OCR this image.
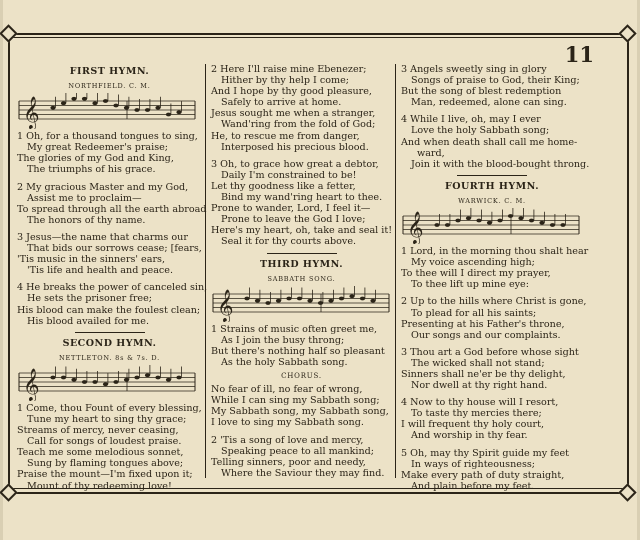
11
FIRST HYMN.
NORTHFIELD. C. M.
𝄞
1 Oh, for a thousand tongues to sing,
My great Redeemer's praise;
The glories of my God and King,
The triumphs of his grace.
2 My gracious Master and my God,
Assist me to proclaim—
To spread through all the earth abroad
The honors of thy name.
3 Jesus—the name that charms our
That bids our sorrows cease; [fears,
'Tis music in the sinners' ears,
'Tis life and health and peace.
4 He breaks the power of canceled sin,
He sets the prisoner free;
His blood can make the foulest clean;
His blood availed for me.
SECOND HYMN.
NETTLETON. 8s & 7s. D.
𝄞
1 Come, thou Fount of every blessing,
Tune my heart to sing thy grace;
Streams of mercy, never ceasing,
Call for songs of loudest praise.
Teach me some melodious sonnet,
Sung by flaming tongues above;
Praise the mount—I'm fixed upon it;
Mount of thy redeeming love!
2 Here I'll raise mine Ebenezer;
Hither by thy help I come;
And I hope by thy good pleasure,
Safely to arrive at home.
Jesus sought me when a stranger,
Wand'ring from the fold of God;
He, to rescue me from danger,
Interposed his precious blood.
3 Oh, to grace how great a debtor,
Daily I'm constrained to be!
Let thy goodness like a fetter,
Bind my wand'ring heart to thee.
Prone to wander, Lord, I feel it—
Prone to leave the God I love;
Here's my heart, oh, take and seal it!
Seal it for thy courts above.
THIRD HYMN.
SABBATH SONG.
𝄞
1 Strains of music often greet me,
As I join the busy throng;
But there's nothing half so pleasant
As the holy Sabbath song.
CHORUS.
No fear of ill, no fear of wrong,
While I can sing my Sabbath song;
My Sabbath song, my Sabbath song,
I love to sing my Sabbath song.
2 'Tis a song of love and mercy,
Speaking peace to all mankind;
Telling sinners, poor and needy,
Where the Saviour they may find.
3 Angels sweetly sing in glory
Songs of praise to God, their King;
But the song of blest redemption
Man, redeemed, alone can sing.
4 While I live, oh, may I ever
Love the holy Sabbath song;
And when death shall call me home-
ward,
Join it with the blood-bought throng.
FOURTH HYMN.
WARWICK. C. M.
𝄞
1 Lord, in the morning thou shalt hear
My voice ascending high;
To thee will I direct my prayer,
To thee lift up mine eye:
2 Up to the hills where Christ is gone,
To plead for all his saints;
Presenting at his Father's throne,
Our songs and our complaints.
3 Thou art a God before whose sight
The wicked shall not stand;
Sinners shall ne'er be thy delight,
Nor dwell at thy right hand.
4 Now to thy house will I resort,
To taste thy mercies there;
I will frequent thy holy court,
And worship in thy fear.
5 Oh, may thy Spirit guide my feet
In ways of righteousness;
Make every path of duty straight,
And plain before my feet.
